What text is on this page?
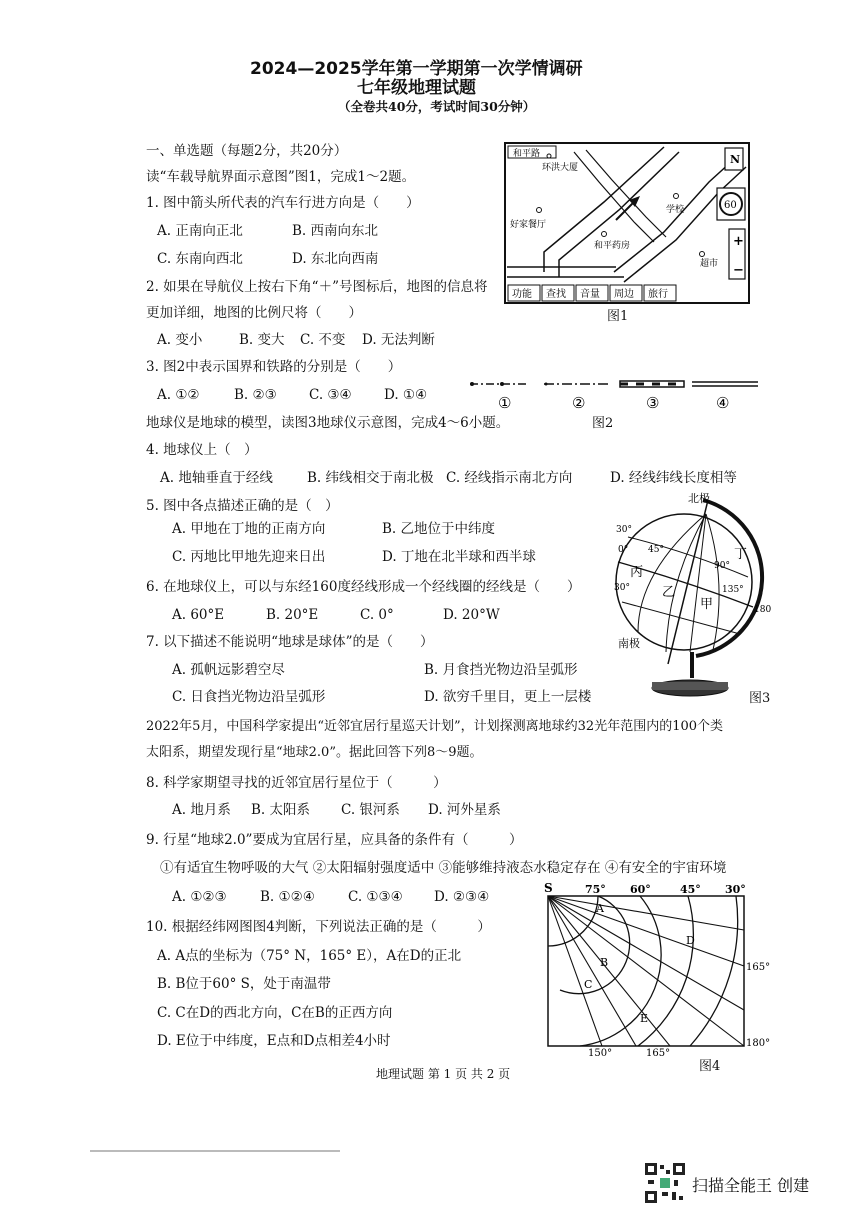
2024—2025学年第一学期第一次学情调研
七年级地理试题
（全卷共40分，考试时间30分钟）
一、单选题（每题2分，共20分）
读“车载导航界面示意图”图1，完成1～2题。
1. 图中箭头所代表的汽车行进方向是（　　）
A. 正南向正北	B. 西南向东北
C. 东南向西北	D. 东北向西南
2. 如果在导航仪上按右下角“＋”号图标后，地图的信息将
更加详细，地图的比例尺将（　　）
A. 变小	B. 变大 C. 不变 D. 无法判断
3. 图2中表示国界和铁路的分别是（　　）
A. ①②	B. ②③ C. ③④ D. ①④
地球仪是地球的模型，读图3地球仪示意图，完成4～6小题。
4. 地球仪上（　）
A. 地轴垂直于经线	B. 纬线相交于南北极 C. 经线指示南北方向	D. 经线纬线长度相等
5. 图中各点描述正确的是（　）
A. 甲地在丁地的正南方向	B. 乙地位于中纬度
C. 丙地比甲地先迎来日出	D. 丁地在北半球和西半球
6. 在地球仪上，可以与东经160度经线形成一个经线圈的经线是（　　）
A. 60°E	B. 20°E	C. 0°	D. 20°W
7. 以下描述不能说明“地球是球体”的是（　　）
A. 孤帆远影碧空尽	B. 月食挡光物边沿呈弧形
C. 日食挡光物边沿呈弧形	D. 欲穷千里目，更上一层楼
2022年5月，中国科学家提出“近邻宜居行星巡天计划”，计划探测离地球约32光年范围内的100个类
太阳系，期望发现行星“地球2.0”。据此回答下列8～9题。
8. 科学家期望寻找的近邻宜居行星位于（　　　）
A. 地月系 B. 太阳系 C. 银河系 D. 河外星系
9. 行星“地球2.0”要成为宜居行星，应具备的条件有（　　　）
①有适宜生物呼吸的大气 ②太阳辐射强度适中 ③能够维持液态水稳定存在 ④有安全的宇宙环境
A. ①②③ B. ①②④ C. ①③④ D. ②③④
10. 根据经纬网图图4判断，下列说法正确的是（　　　）
A. A点的坐标为（75° N，165° E），A在D的正北
B. B位于60° S，处于南温带
C. C在D的西北方向，C在B的正西方向
D. E位于中纬度，E点和D点相差4小时
和平路
环洪大厦
学校
好家餐厅
和平药房
超市
N
60
+
−
功能 查找 音量 周边 旅行
图1
①	②	③	④
图2
北极
南极
30°
0°
30°
45°
90°
135°
180
丁
丙
乙
甲
图3
S	75° 60°	45° 30°
150°	165°
165°
180°
A
B
C
D
E
图4
地理试题 第 1 页 共 2 页
扫描全能王 创建
